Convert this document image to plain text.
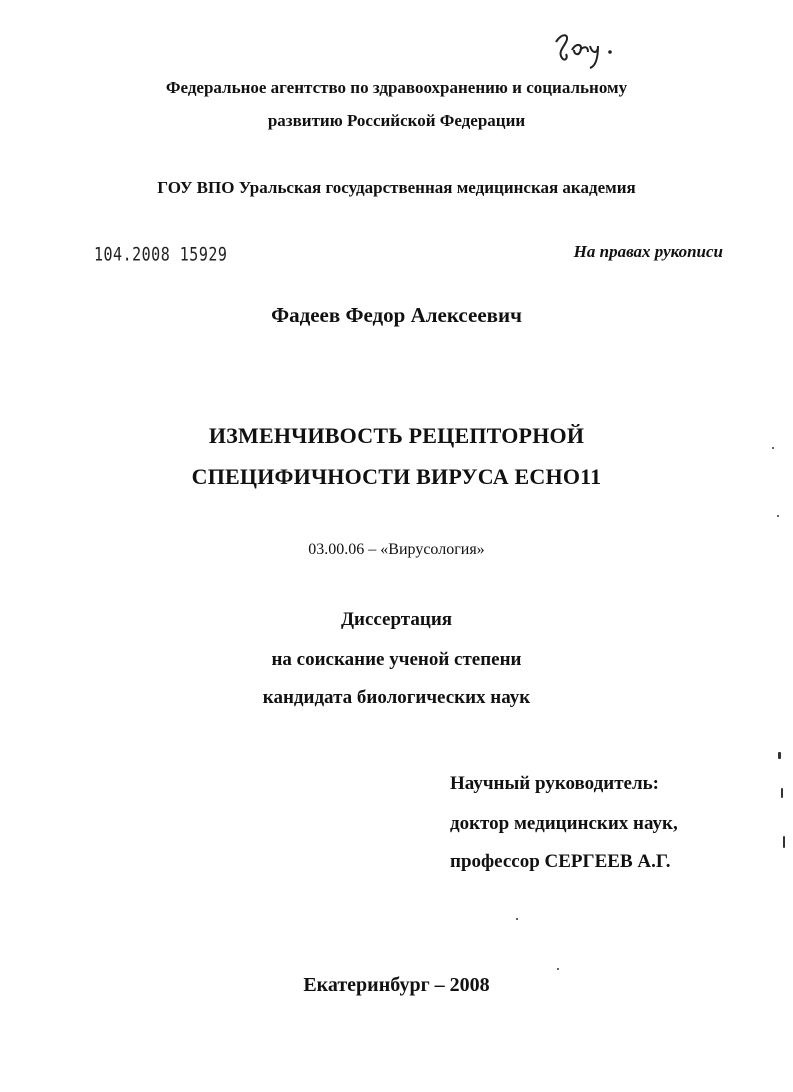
Федеральное агентство по здравоохранению и социальному
развитию Российской Федерации
ГОУ ВПО Уральская государственная медицинская академия
104.2008 15929	На правах рукописи
Фадеев Федор Алексеевич
ИЗМЕНЧИВОСТЬ РЕЦЕПТОРНОЙ
СПЕЦИФИЧНОСТИ ВИРУСА ЕСНО11
03.00.06 – «Вирусология»
Диссертация
на соискание ученой степени
кандидата биологических наук
Научный руководитель:
доктор медицинских наук,
профессор СЕРГЕЕВ А.Г.
Екатеринбург – 2008
